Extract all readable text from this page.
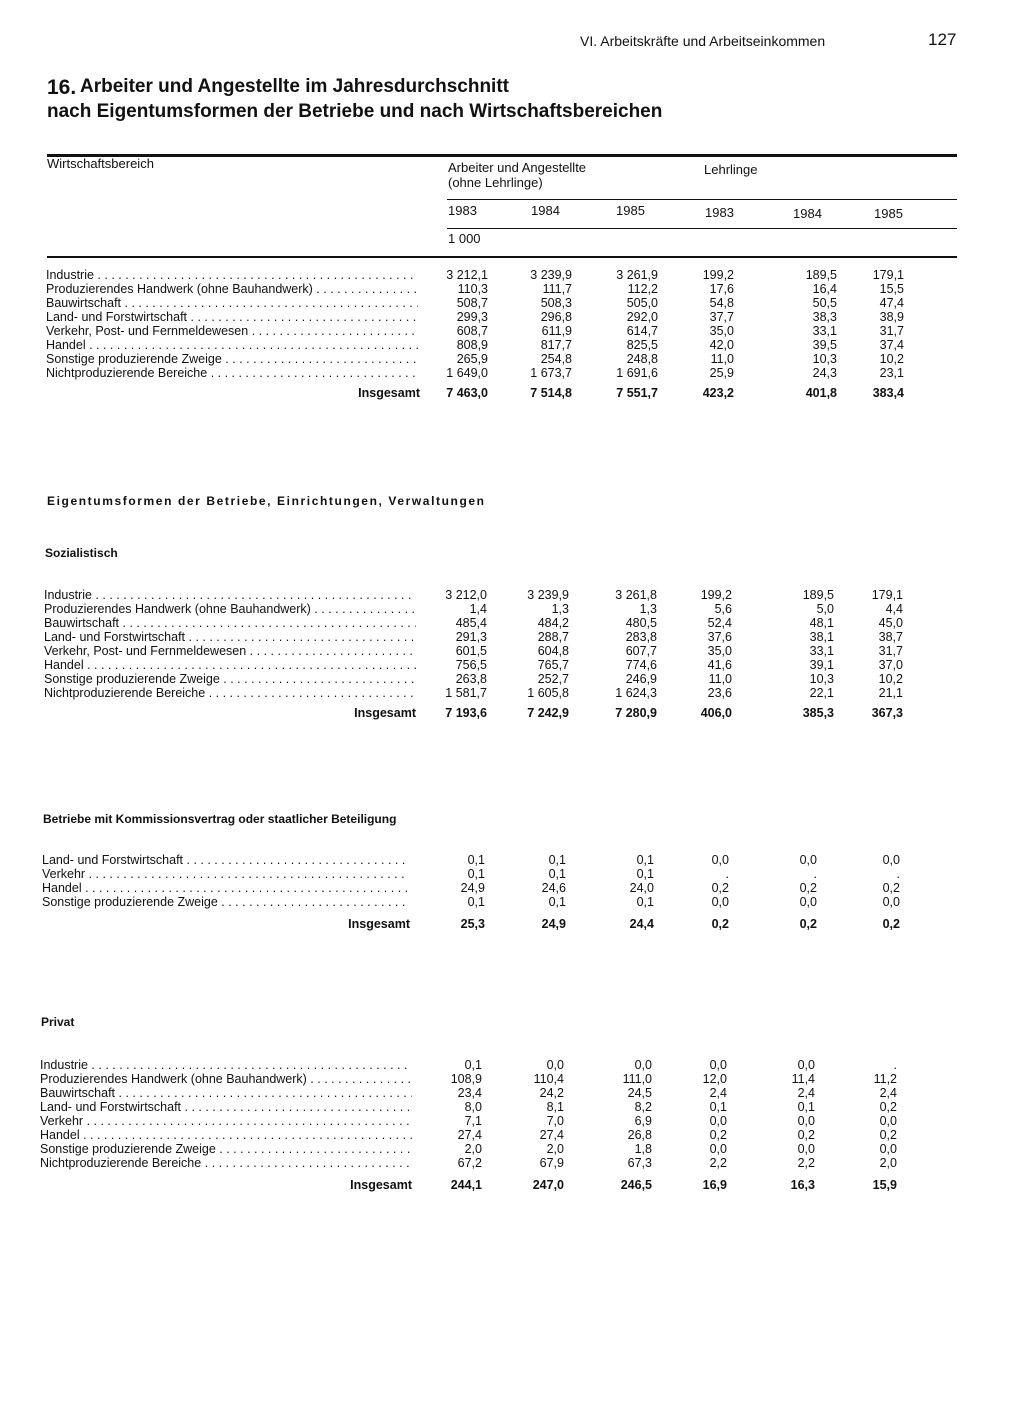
VI. Arbeitskräfte und Arbeitseinkommen	127
16. Arbeiter und Angestellte im Jahresdurchschnitt
nach Eigentumsformen der Betriebe und nach Wirtschaftsbereichen
Wirtschaftsbereich	Arbeiter und Angestellte
(ohne Lehrlinge)
Lehrlinge
1983	1984	1985	1983	1984	1985
1 000
Eigentumsformen der Betriebe, Einrichtungen, Verwaltungen
Sozialistisch
Betriebe mit Kommissionsvertrag oder staatlicher Beteiligung
Privat
Industrie . . .	3 212,1	3 239,9	3 261,9	199,2	189,5	179,1
Produzierendes Handwerk (ohne Bauhandwerk) . . .	110,3	111,7	112,2	17,6	16,4	15,5
Bauwirtschaft . . .	508,7	508,3	505,0	54,8	50,5	47,4
Land- und Forstwirtschaft . . .	299,3	296,8	292,0	37,7	38,3	38,9
Verkehr, Post- und Fernmeldewesen . . .	608,7	611,9	614,7	35,0	33,1	31,7
Handel . . .	808,9	817,7	825,5	42,0	39,5	37,4
Sonstige produzierende Zweige . . .	265,9	254,8	248,8	11,0	10,3	10,2
Nichtproduzierende Bereiche . . .	1 649,0	1 673,7	1 691,6	25,9	24,3	23,1
Insgesamt	7 463,0	7 514,8	7 551,7	423,2	401,8	383,4
Industrie . . .	3 212,0	3 239,9	3 261,8	199,2	189,5	179,1
Produzierendes Handwerk (ohne Bauhandwerk) . . .	1,4	1,3	1,3	5,6	5,0	4,4
Bauwirtschaft . . .	485,4	484,2	480,5	52,4	48,1	45,0
Land- und Forstwirtschaft . . .	291,3	288,7	283,8	37,6	38,1	38,7
Verkehr, Post- und Fernmeldewesen . . .	601,5	604,8	607,7	35,0	33,1	31,7
Handel . . .	756,5	765,7	774,6	41,6	39,1	37,0
Sonstige produzierende Zweige . . .	263,8	252,7	246,9	11,0	10,3	10,2
Nichtproduzierende Bereiche . . .	1 581,7	1 605,8	1 624,3	23,6	22,1	21,1
Insgesamt	7 193,6	7 242,9	7 280,9	406,0	385,3	367,3
Land- und Forstwirtschaft . . .	0,1	0,1	0,1	0,0	0,0	0,0
Verkehr . . .	0,1	0,1	0,1	.	.	.
Handel . . .	24,9	24,6	24,0	0,2	0,2	0,2
Sonstige produzierende Zweige . . .	0,1	0,1	0,1	0,0	0,0	0,0
Insgesamt	25,3	24,9	24,4	0,2	0,2	0,2
Industrie . . .	0,1	0,0	0,0	0,0	0,0	.
Produzierendes Handwerk (ohne Bauhandwerk) . . .	108,9	110,4	111,0	12,0	11,4	11,2
Bauwirtschaft . . .	23,4	24,2	24,5	2,4	2,4	2,4
Land- und Forstwirtschaft . . .	8,0	8,1	8,2	0,1	0,1	0,2
Verkehr . . .	7,1	7,0	6,9	0,0	0,0	0,0
Handel . . .	27,4	27,4	26,8	0,2	0,2	0,2
Sonstige produzierende Zweige . . .	2,0	2,0	1,8	0,0	0,0	0,0
Nichtproduzierende Bereiche . . .	67,2	67,9	67,3	2,2	2,2	2,0
Insgesamt	244,1	247,0	246,5	16,9	16,3	15,9
